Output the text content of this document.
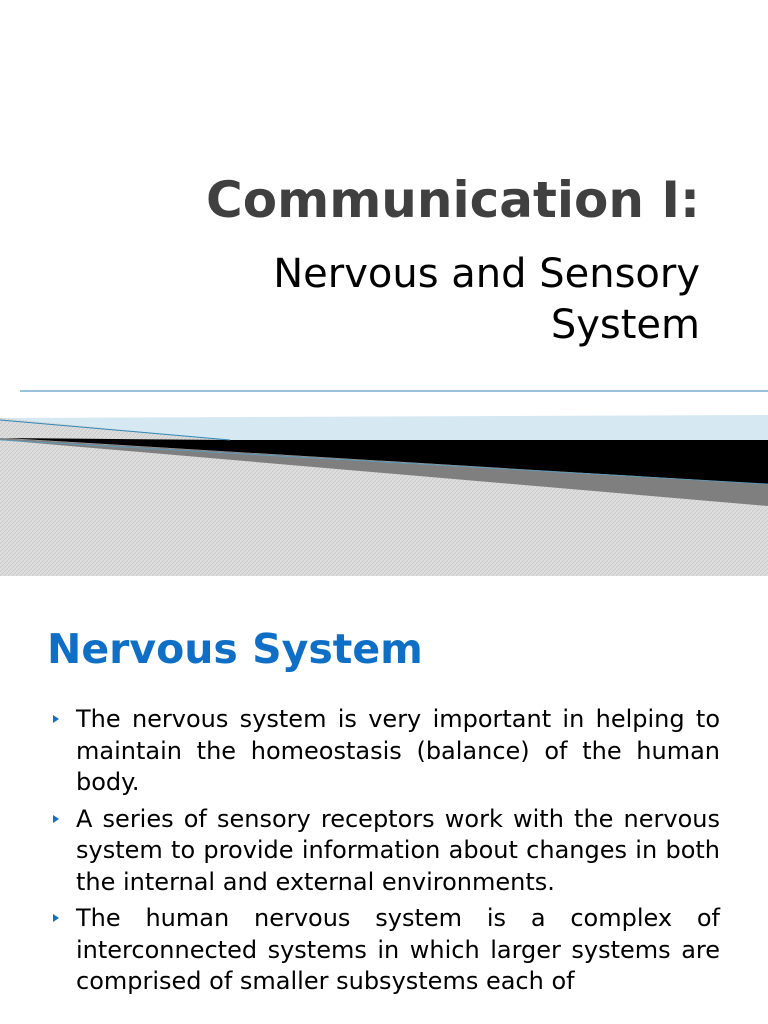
Communication I:

Nervous and Sensory System

Nervous System
The nervous system is very important in helping to maintain the homeostasis (balance) of the human body.
A series of sensory receptors work with the nervous system to provide information about changes in both the internal and external environments.
The human nervous system is a complex of interconnected systems in which larger systems are comprised of smaller subsystems each of
